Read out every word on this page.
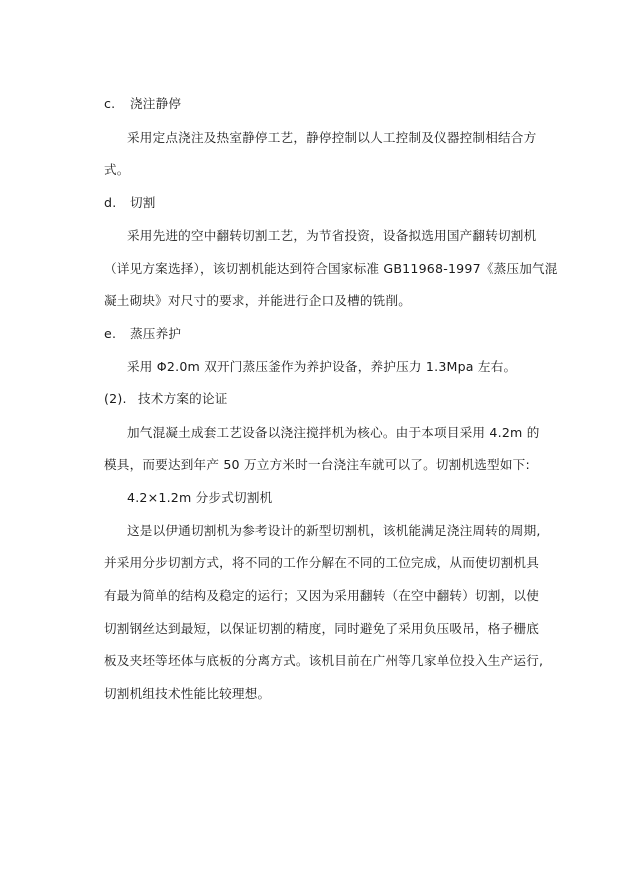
c. 浇注静停
采用定点浇注及热室静停工艺，静停控制以人工控制及仪器控制相结合方
式。
d. 切割
采用先进的空中翻转切割工艺，为节省投资，设备拟选用国产翻转切割机
（详见方案选择），该切割机能达到符合国家标准 GB11968-1997《蒸压加气混
凝土砌块》对尺寸的要求，并能进行企口及槽的铣削。
e. 蒸压养护
采用 Φ2.0m 双开门蒸压釜作为养护设备，养护压力 1.3Mpa 左右。
(2). 技术方案的论证
加气混凝土成套工艺设备以浇注搅拌机为核心。由于本项目采用 4.2m 的
模具，而要达到年产 50 万立方米时一台浇注车就可以了。切割机选型如下:
4.2×1.2m 分步式切割机
这是以伊通切割机为参考设计的新型切割机，该机能满足浇注周转的周期,
并采用分步切割方式，将不同的工作分解在不同的工位完成，从而使切割机具
有最为简单的结构及稳定的运行；又因为采用翻转（在空中翻转）切割，以使
切割钢丝达到最短，以保证切割的精度，同时避免了采用负压吸吊，格子栅底
板及夹坯等坯体与底板的分离方式。该机目前在广州等几家单位投入生产运行,
切割机组技术性能比较理想。
